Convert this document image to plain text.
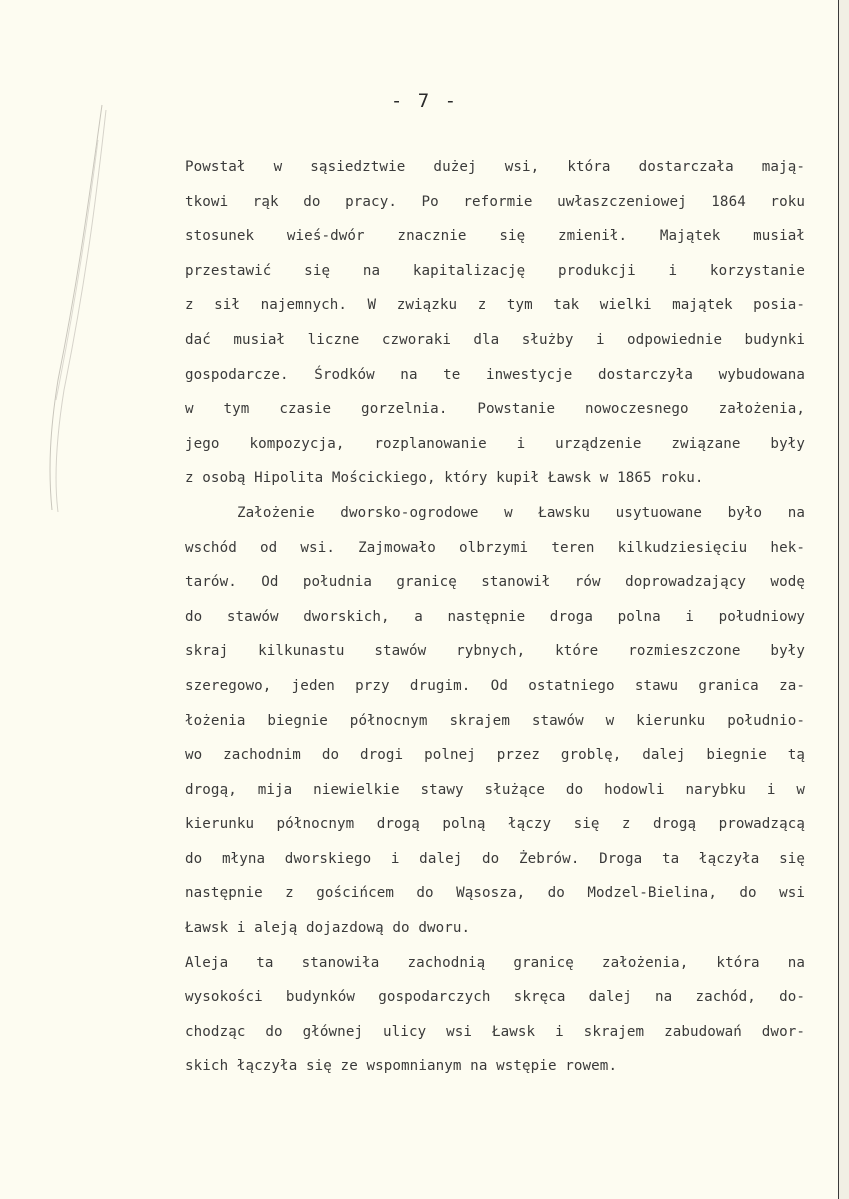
- 7 -
Powstał w sąsiedztwie dużej wsi, która dostarczała mają-
tkowi rąk do pracy. Po reformie uwłaszczeniowej 1864 roku
stosunek wieś-dwór znacznie się zmienił. Majątek musiał
przestawić się na kapitalizację produkcji i korzystanie
z sił najemnych. W związku z tym tak wielki majątek posia-
dać musiał liczne czworaki dla służby i odpowiednie budynki
gospodarcze. Środków na te inwestycje dostarczyła wybudowana
w tym czasie gorzelnia. Powstanie nowoczesnego założenia,
jego kompozycja, rozplanowanie i urządzenie związane były
z osobą Hipolita Mościckiego, który kupił Ławsk w 1865 roku.
Założenie dworsko-ogrodowe w Ławsku usytuowane było na
wschód od wsi. Zajmowało olbrzymi teren kilkudziesięciu hek-
tarów. Od południa granicę stanowił rów doprowadzający wodę
do stawów dworskich, a następnie droga polna i południowy
skraj kilkunastu stawów rybnych, które rozmieszczone były
szeregowo, jeden przy drugim. Od ostatniego stawu granica za-
łożenia biegnie północnym skrajem stawów w kierunku południo-
wo zachodnim do drogi polnej przez groblę, dalej biegnie tą
drogą, mija niewielkie stawy służące do hodowli narybku i w
kierunku północnym drogą polną łączy się z drogą prowadzącą
do młyna dworskiego i dalej do Żebrów. Droga ta łączyła się
następnie z gościńcem do Wąsosza, do Modzel-Bielina, do wsi
Ławsk i aleją dojazdową do dworu.
Aleja ta stanowiła zachodnią granicę założenia, która na
wysokości budynków gospodarczych skręca dalej na zachód, do-
chodząc do głównej ulicy wsi Ławsk i skrajem zabudowań dwor-
skich łączyła się ze wspomnianym na wstępie rowem.
